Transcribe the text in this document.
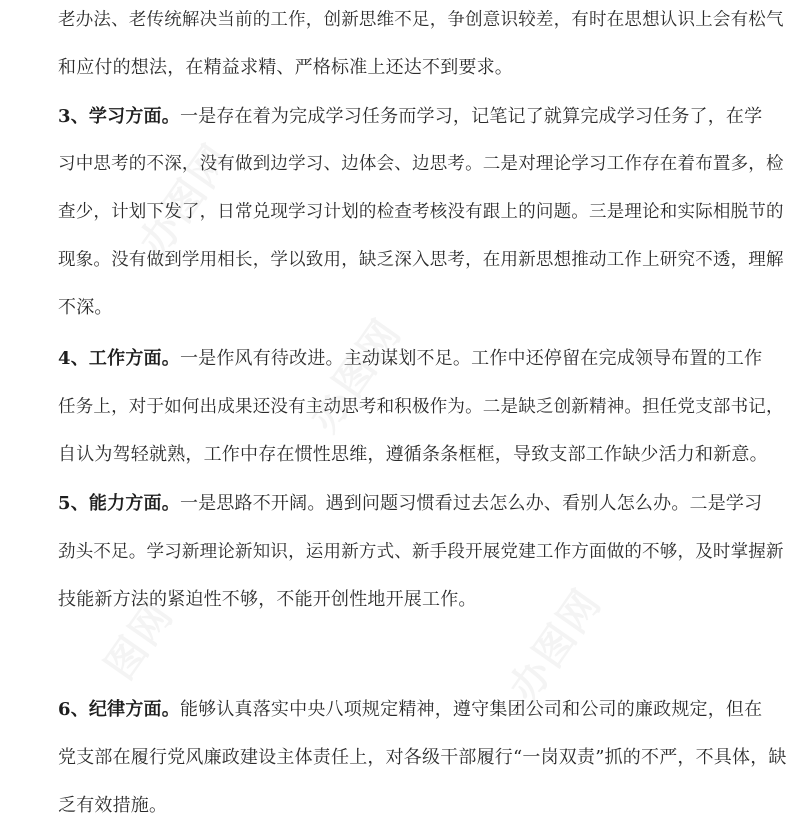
办图网
办图网
办图网
图网
老办法、老传统解决当前的工作，创新思维不足，争创意识较差，有时在思想认识上会有松气
和应付的想法，在精益求精、严格标准上还达不到要求。
3、学习方面。一是存在着为完成学习任务而学习，记笔记了就算完成学习任务了，在学
习中思考的不深，没有做到边学习、边体会、边思考。二是对理论学习工作存在着布置多，检
查少，计划下发了，日常兑现学习计划的检查考核没有跟上的问题。三是理论和实际相脱节的
现象。没有做到学用相长，学以致用，缺乏深入思考，在用新思想推动工作上研究不透，理解
不深。
4、工作方面。一是作风有待改进。主动谋划不足。工作中还停留在完成领导布置的工作
任务上，对于如何出成果还没有主动思考和积极作为。二是缺乏创新精神。担任党支部书记，
自认为驾轻就熟，工作中存在惯性思维，遵循条条框框，导致支部工作缺少活力和新意。
5、能力方面。一是思路不开阔。遇到问题习惯看过去怎么办、看别人怎么办。二是学习
劲头不足。学习新理论新知识，运用新方式、新手段开展党建工作方面做的不够，及时掌握新
技能新方法的紧迫性不够，不能开创性地开展工作。
6、纪律方面。能够认真落实中央八项规定精神，遵守集团公司和公司的廉政规定，但在
党支部在履行党风廉政建设主体责任上，对各级干部履行“一岗双责”抓的不严，不具体，缺
乏有效措施。
